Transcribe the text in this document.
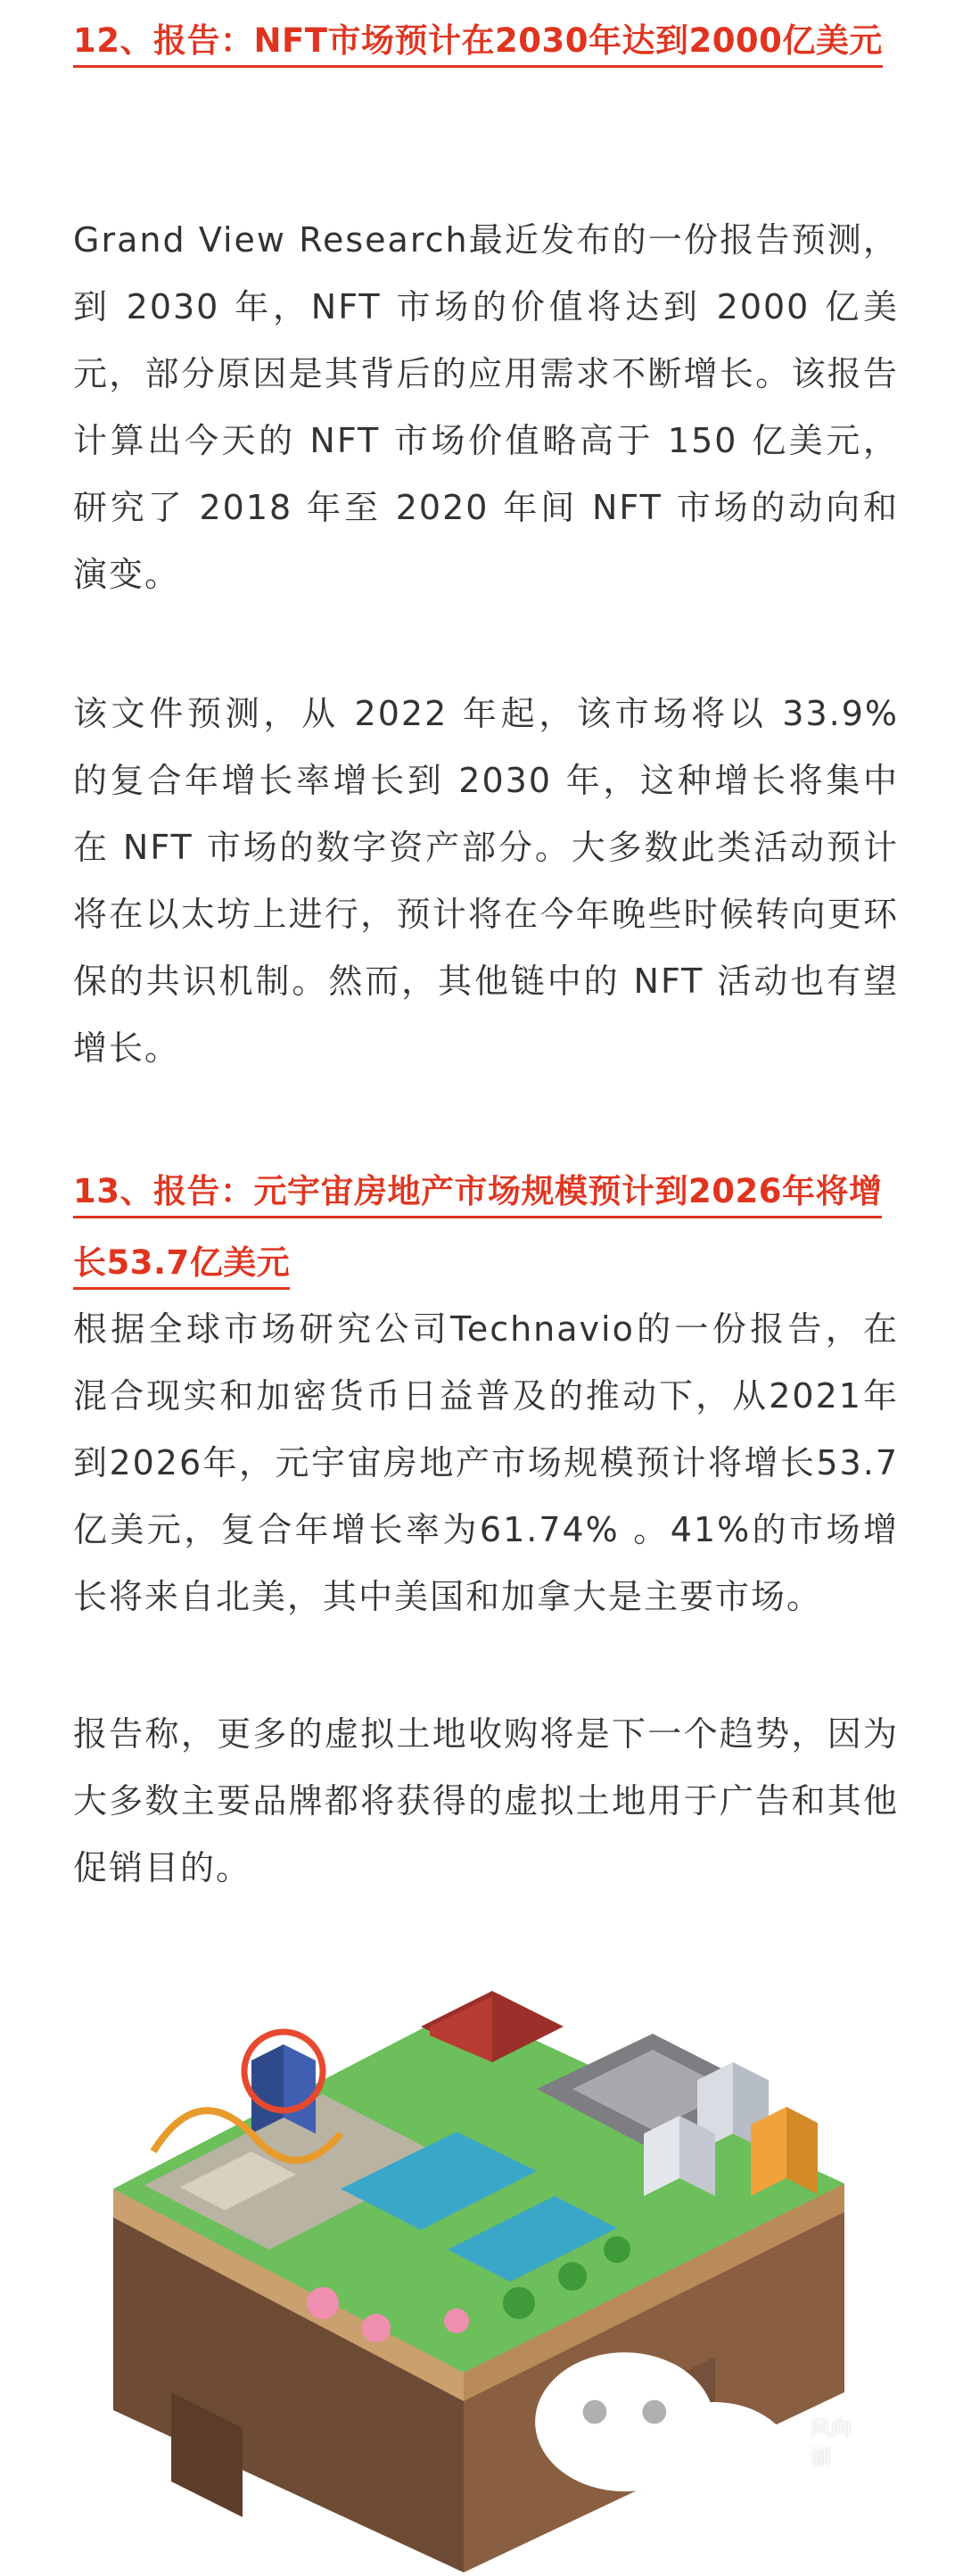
12、报告：NFT市场预计在2030年达到2000亿美元

Grand View Research最近发布的一份报告预测，到 2030 年，NFT 市场的价值将达到 2000 亿美元，部分原因是其背后的应用需求不断增长。该报告计算出今天的 NFT 市场价值略高于 150 亿美元，研究了 2018 年至 2020 年间 NFT 市场的动向和演变。

该文件预测，从 2022 年起，该市场将以 33.9% 的复合年增长率增长到 2030 年，这种增长将集中在 NFT 市场的数字资产部分。大多数此类活动预计将在以太坊上进行，预计将在今年晚些时候转向更环保的共识机制。然而，其他链中的 NFT 活动也有望增长。

13、报告：元宇宙房地产市场规模预计到2026年将增长53.7亿美元

根据全球市场研究公司Technavio的一份报告，在混合现实和加密货币日益普及的推动下，从2021年到2026年，元宇宙房地产市场规模预计将增长53.7亿美元，复合年增长率为61.74% 。41%的市场增长将来自北美，其中美国和加拿大是主要市场。

报告称，更多的虚拟土地收购将是下一个趋势，因为大多数主要品牌都将获得的虚拟土地用于广告和其他促销目的。

风向湖
